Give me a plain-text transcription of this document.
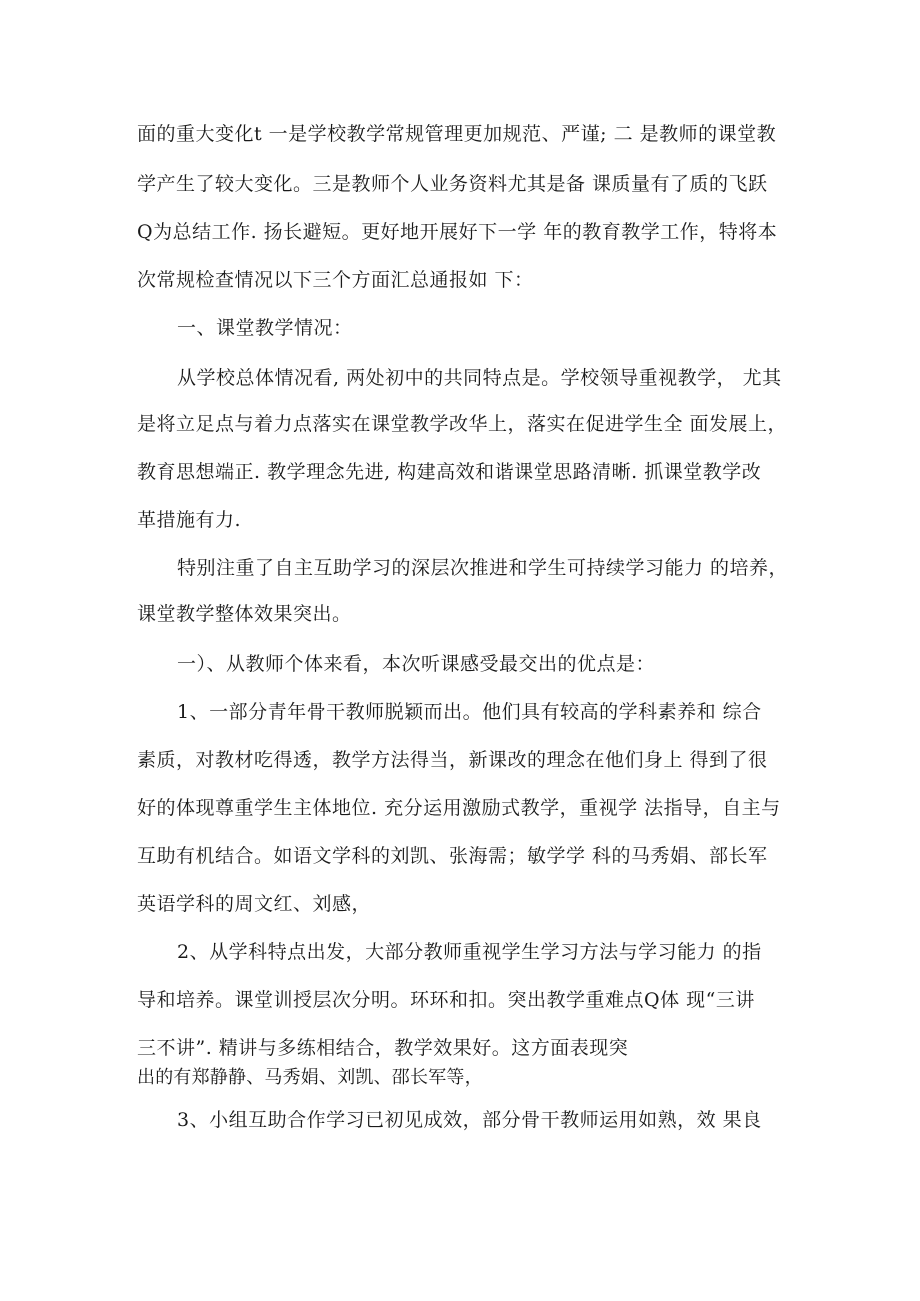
面的重大变化t 一是学校教学常规管理更加规范、严谨; 二 是教师的课堂教
学产生了较大变化。三是教师个人业务资料尤其是备 课质量有了质的飞跃
Q为总结工作. 扬长避短。更好地开展好下一学 年的教育教学工作，特将本
次常规检查情况以下三个方面汇总通报如 下：
一、课堂教学情况：
从学校总体情况看, 两处初中的共同特点是。学校领导重视教学， 尤其
是将立足点与着力点落实在课堂教学改华上，落实在促进学生全 面发展上，
教育思想端正. 教学理念先进, 构建高效和谐课堂思路清晰. 抓课堂教学改
革措施有力.
特别注重了自主互助学习的深层次推进和学生可持续学习能力 的培养，
课堂教学整体效果突出。
一）、从教师个体来看，本次听课感受最交出的优点是：
1、一部分青年骨干教师脱颖而出。他们具有较高的学科素养和 综合
素质，对教材吃得透，教学方法得当，新课改的理念在他们身上 得到了很
好的体现尊重学生主体地位. 充分运用激励式教学，重视学 法指导，自主与
互助有机结合。如语文学科的刘凯、张海需；敏学学 科的马秀娟、部长军
英语学科的周文红、刘感，
2、从学科特点出发，大部分教师重视学生学习方法与学习能力 的指
导和培养。课堂训授层次分明。环环和扣。突出教学重难点Q体 现“三讲
三不讲”. 精讲与多练相结合，教学效果好。这方面表现突
出的有郑静静、马秀娟、刘凯、邵长军等，
3、小组互助合作学习已初见成效，部分骨干教师运用如熟，效 果良
